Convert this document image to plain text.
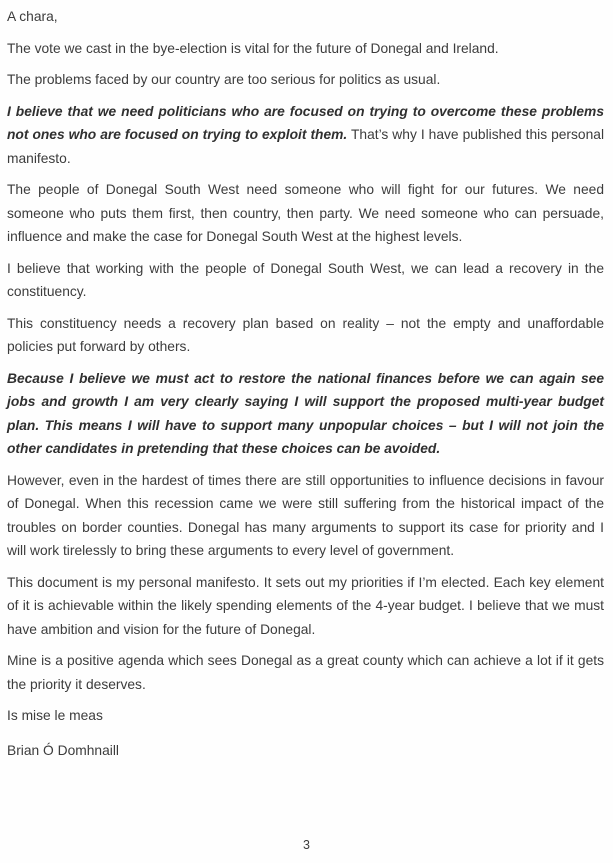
A chara,

The vote we cast in the bye-election is vital for the future of Donegal and Ireland.

The problems faced by our country are too serious for politics as usual.

I believe that we need politicians who are focused on trying to overcome these problems not ones who are focused on trying to exploit them. That’s why I have published this personal manifesto.

The people of Donegal South West need someone who will fight for our futures. We need someone who puts them first, then country, then party. We need someone who can persuade, influence and make the case for Donegal South West at the highest levels.

I believe that working with the people of Donegal South West, we can lead a recovery in the constituency.

This constituency needs a recovery plan based on reality – not the empty and unaffordable policies put forward by others.

Because I believe we must act to restore the national finances before we can again see jobs and growth I am very clearly saying I will support the proposed multi-year budget plan. This means I will have to support many unpopular choices – but I will not join the other candidates in pretending that these choices can be avoided.

However, even in the hardest of times there are still opportunities to influence decisions in favour of Donegal. When this recession came we were still suffering from the historical impact of the troubles on border counties. Donegal has many arguments to support its case for priority and I will work tirelessly to bring these arguments to every level of government.

This document is my personal manifesto. It sets out my priorities if I’m elected. Each key element of it is achievable within the likely spending elements of the 4-year budget. I believe that we must have ambition and vision for the future of Donegal.

Mine is a positive agenda which sees Donegal as a great county which can achieve a lot if it gets the priority it deserves.

Is mise le meas

Brian Ó Domhnaill

3
